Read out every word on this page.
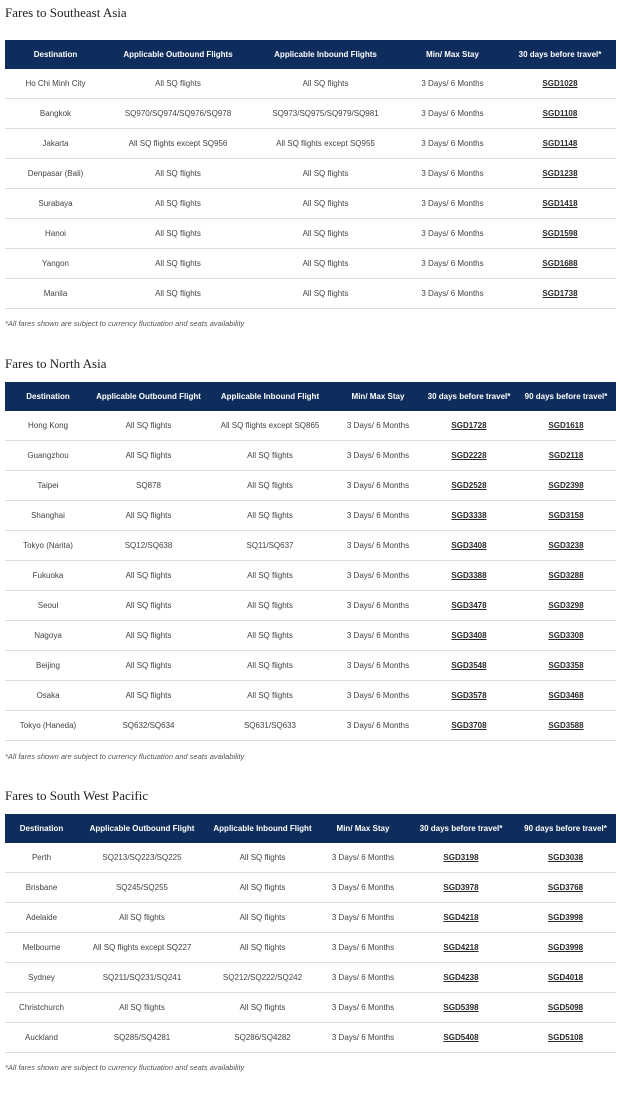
Fares to Southeast Asia
Destination	Applicable Outbound Flights	Applicable Inbound Flights	Min/ Max Stay	30 days before travel*
Ho Chi Minh City	All SQ flights	All SQ flights	3 Days/ 6 Months	SGD1028
Bangkok	SQ970/SQ974/SQ976/SQ978	SQ973/SQ975/SQ979/SQ981	3 Days/ 6 Months	SGD1108
Jakarta	All SQ flights except SQ956	All SQ flights except SQ955	3 Days/ 6 Months	SGD1148
Denpasar (Bali)	All SQ flights	All SQ flights	3 Days/ 6 Months	SGD1238
Surabaya	All SQ flights	All SQ flights	3 Days/ 6 Months	SGD1418
Hanoi	All SQ flights	All SQ flights	3 Days/ 6 Months	SGD1598
Yangon	All SQ flights	All SQ flights	3 Days/ 6 Months	SGD1688
Manila	All SQ flights	All SQ flights	3 Days/ 6 Months	SGD1738

*All fares shown are subject to currency fluctuation and seats availability

Fares to North Asia
Destination	Applicable Outbound Flight	Applicable Inbound Flight	Min/ Max Stay	30 days before travel*	90 days before travel*
Hong Kong	All SQ flights	All SQ flights except SQ865	3 Days/ 6 Months	SGD1728	SGD1618
Guangzhou	All SQ flights	All SQ flights	3 Days/ 6 Months	SGD2228	SGD2118
Taipei	SQ878	All SQ flights	3 Days/ 6 Months	SGD2528	SGD2398
Shanghai	All SQ flights	All SQ flights	3 Days/ 6 Months	SGD3338	SGD3158
Tokyo (Narita)	SQ12/SQ638	SQ11/SQ637	3 Days/ 6 Months	SGD3408	SGD3238
Fukuoka	All SQ flights	All SQ flights	3 Days/ 6 Months	SGD3388	SGD3288
Seoul	All SQ flights	All SQ flights	3 Days/ 6 Months	SGD3478	SGD3298
Nagoya	All SQ flights	All SQ flights	3 Days/ 6 Months	SGD3408	SGD3308
Beijing	All SQ flights	All SQ flights	3 Days/ 6 Months	SGD3548	SGD3358
Osaka	All SQ flights	All SQ flights	3 Days/ 6 Months	SGD3578	SGD3468
Tokyo (Haneda)	SQ632/SQ634	SQ631/SQ633	3 Days/ 6 Months	SGD3708	SGD3588

*All fares shown are subject to currency fluctuation and seats availability

Fares to South West Pacific
Destination	Applicable Outbound Flight	Applicable Inbound Flight	Min/ Max Stay	30 days before travel*	90 days before travel*
Perth	SQ213/SQ223/SQ225	All SQ flights	3 Days/ 6 Months	SGD3198	SGD3038
Brisbane	SQ245/SQ255	All SQ flights	3 Days/ 6 Months	SGD3978	SGD3768
Adelaide	All SQ flights	All SQ flights	3 Days/ 6 Months	SGD4218	SGD3998
Melbourne	All SQ flights except SQ227	All SQ flights	3 Days/ 6 Months	SGD4218	SGD3998
Sydney	SQ211/SQ231/SQ241	SQ212/SQ222/SQ242	3 Days/ 6 Months	SGD4238	SGD4018
Christchurch	All SQ flights	All SQ flights	3 Days/ 6 Months	SGD5398	SGD5098
Auckland	SQ285/SQ4281	SQ286/SQ4282	3 Days/ 6 Months	SGD5408	SGD5108

*All fares shown are subject to currency fluctuation and seats availability
